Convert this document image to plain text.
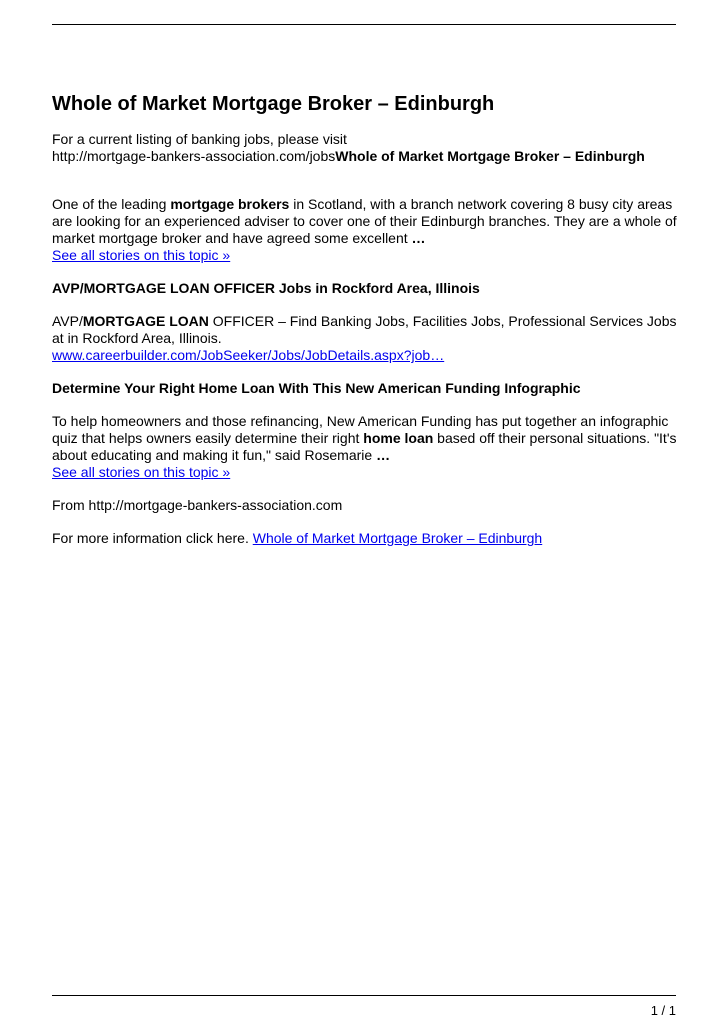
Whole of Market Mortgage Broker – Edinburgh

For a current listing of banking jobs, please visit
http://mortgage-bankers-association.com/jobsWhole of Market Mortgage Broker – Edinburgh

One of the leading mortgage brokers in Scotland, with a branch network covering 8 busy city areas are looking for an experienced adviser to cover one of their Edinburgh branches. They are a whole of market mortgage broker and have agreed some excellent …
See all stories on this topic »

AVP/MORTGAGE LOAN OFFICER Jobs in Rockford Area, Illinois

AVP/MORTGAGE LOAN OFFICER – Find Banking Jobs, Facilities Jobs, Professional Services Jobs at in Rockford Area, Illinois.
www.careerbuilder.com/JobSeeker/Jobs/JobDetails.aspx?job…

Determine Your Right Home Loan With This New American Funding Infographic

To help homeowners and those refinancing, New American Funding has put together an infographic quiz that helps owners easily determine their right home loan based off their personal situations. "It's about educating and making it fun," said Rosemarie …
See all stories on this topic »

From http://mortgage-bankers-association.com

For more information click here. Whole of Market Mortgage Broker – Edinburgh

1 / 1
